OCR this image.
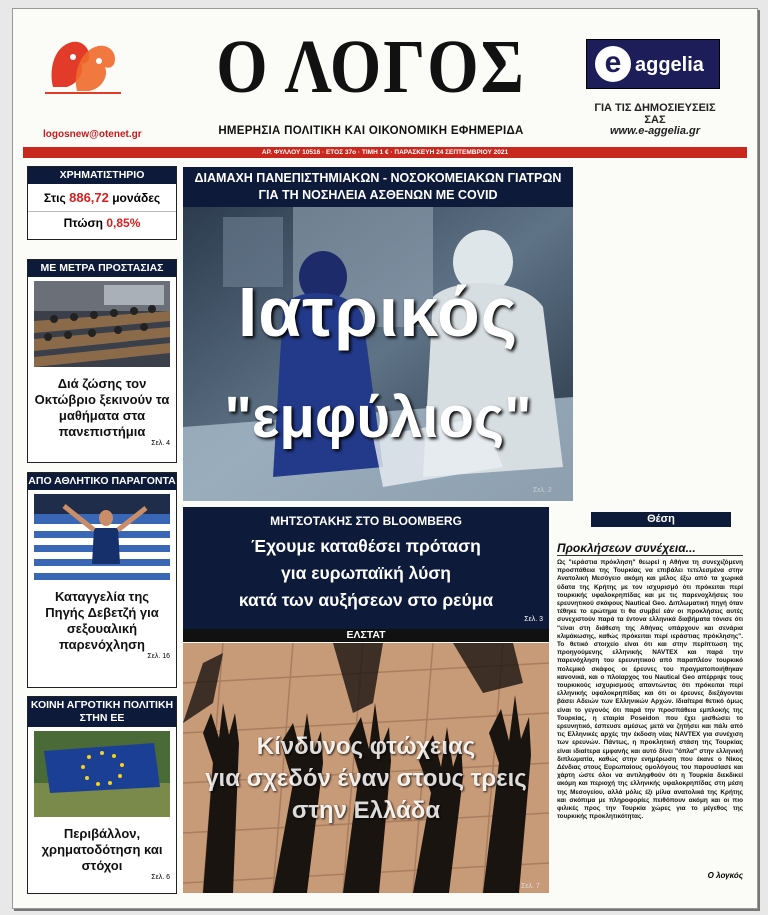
logosnew@otenet.gr
Ο ΛΟΓΟΣ
ΗΜΕΡΗΣΙΑ ΠΟΛΙΤΙΚΗ ΚΑΙ ΟΙΚΟΝΟΜΙΚΗ ΕΦΗΜΕΡΙΔΑ
e aggelia
ΓΙΑ ΤΙΣ ΔΗΜΟΣΙΕΥΣΕΙΣ ΣΑΣ
www.e-aggelia.gr
ΑΡ. ΦΥΛΛΟΥ 10516 · ΕΤΟΣ 37ο · ΤΙΜΗ 1 € · ΠΑΡΑΣΚΕΥΗ 24 ΣΕΠΤΕΜΒΡΙΟΥ 2021
ΧΡΗΜΑΤΙΣΤΗΡΙΟ
Στις 886,72 μονάδες
Πτώση 0,85%
ΜΕ ΜΕΤΡΑ ΠΡΟΣΤΑΣΙΑΣ
Διά ζώσης τον Οκτώβριο ξεκινούν τα μαθήματα στα πανεπιστήμια
Σελ. 4
ΑΠΟ ΑΘΛΗΤΙΚΟ ΠΑΡΑΓΟΝΤΑ
Καταγγελία της Πηγής Δεβετζή για σεξουαλική παρενόχληση
Σελ. 16
ΚΟΙΝΗ ΑΓΡΟΤΙΚΗ ΠΟΛΙΤΙΚΗ ΣΤΗΝ ΕΕ
Περιβάλλον, χρηματοδότηση και στόχοι
Σελ. 6
ΔΙΑΜΑΧΗ ΠΑΝΕΠΙΣΤΗΜΙΑΚΩΝ - ΝΟΣΟΚΟΜΕΙΑΚΩΝ ΓΙΑΤΡΩΝ
ΓΙΑ ΤΗ ΝΟΣΗΛΕΙΑ ΑΣΘΕΝΩΝ ΜΕ COVID
Ιατρικός
"εμφύλιος"
Σελ. 2
ΜΗΤΣΟΤΑΚΗΣ ΣΤΟ BLOOMBERG
Έχουμε καταθέσει πρόταση
για ευρωπαϊκή λύση
κατά των αυξήσεων στο ρεύμα
Σελ. 3
ΕΛΣΤΑΤ
Κίνδυνος φτώχειας
για σχεδόν έναν στους τρεις
στην Ελλάδα
Σελ. 7
Θέση
Προκλήσεων συνέχεια...
Ως "ιεράστια πρόκληση" θεωρεί η Αθήνα τη συνεχιζόμενη προσπάθεια της Τουρκίας να επιβάλει τετελεσμένα στην Ανατολική Μεσόγειο ακόμη και μέλος έξω από τα χωρικά ύδατα της Κρήτης με τον ισχυρισμό ότι πρόκειται περί τουρκικής υφαλοκρηπίδας και με τις παρενοχλήσεις του ερευνητικού σκάφους Nautical Geo. Διπλωματική πηγή όταν τέθηκε το ερώτημα τι θα συμβεί εάν οι προκλήσεις αυτές συνεχιστούν παρά τα έντονα ελληνικά διαβήματα τόνισε ότι "είναι στη διάθεση της Αθήνας υπάρχουν και σενάρια κλιμάκωσης, καθώς πρόκειται περί ιεράστιας πρόκλησης". Το θετικό στοιχείο είναι ότι και στην περίπτωση της προηγούμενης ελληνικής NAVTEX και παρά την παρενόχληση του ερευνητικού από παραπλέον τουρκικό πολεμικό σκάφος οι έρευνες του πραγματοποιήθηκαν κανονικά, και ο πλοίαρχος του Nautical Geo απέρριψε τους τουρκικούς ισχυρισμούς απαντώντας ότι πρόκειται περί ελληνικής υφαλοκρηπίδας και ότι οι έρευνες διεξάγονται βάσει Αδειών των Ελληνικών Αρχών. Ιδιαίτερα θετικό όμως είναι το γεγονός ότι παρά την προσπάθεια εμπλοκής της Τουρκίας, η εταιρία Poseidon που έχει μισθώσει το ερευνητικό, έσπευσε αμέσως μετά να ζητήσει και πάλι από τις Ελληνικές αρχές την έκδοση νέας NAVTEX για συνέχιση των ερευνών. Πάντως, η προκλητική στάση της Τουρκίας είναι ιδιαίτερα εμφανής και αυτό δίνει "όπλα" στην ελληνική διπλωματία, καθώς στην ενημέρωση που έκανε ο Νίκος Δένδιας στους Ευρωπαίους ομολόγους του παρουσίασε και χάρτη ώστε όλοι να αντιληφθούν ότι η Τουρκία διεκδικεί ακόμη και περιοχή της ελληνικής υφαλοκρηπίδας στη μέση της Μεσογείου, αλλά μόλις έξι μίλια ανατολικά της Κρήτης και σκόπιμα με πληροφορίες πειθόπουν ακόμη και οι πιο φιλικές προς την Τουρκία χώρες για το μέγεθος της τουρκικής προκλητικότητας.
Ο λογκός
